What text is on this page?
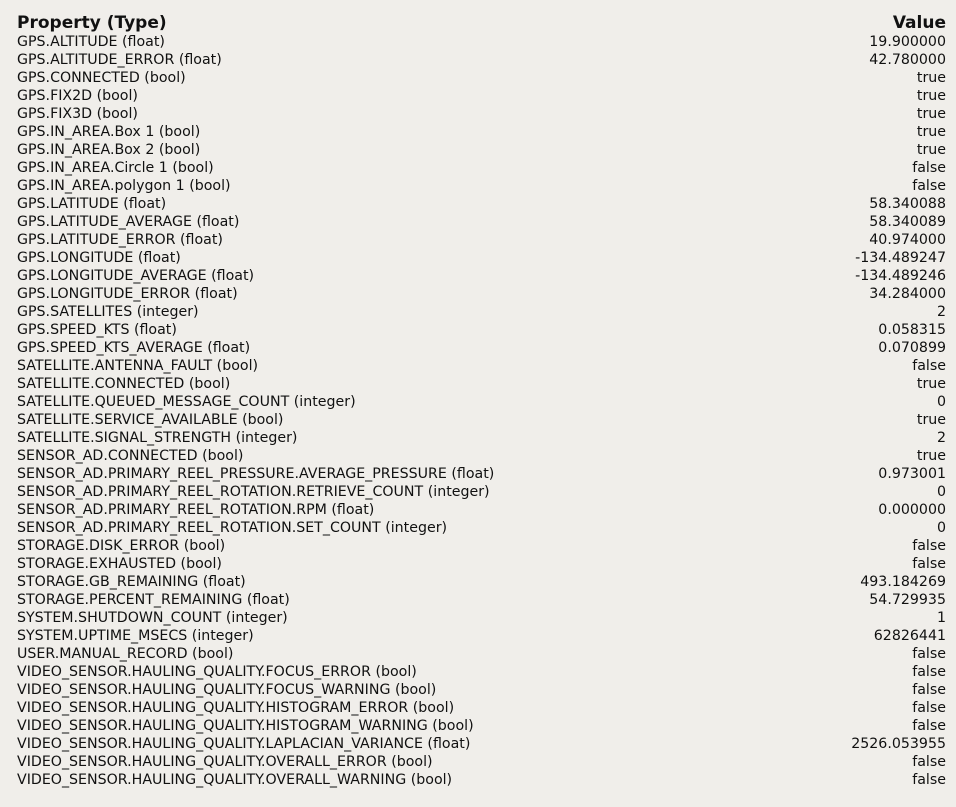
Property (Type)	Value
GPS.ALTITUDE (float)	19.900000
GPS.ALTITUDE_ERROR (float)	42.780000
GPS.CONNECTED (bool)	true
GPS.FIX2D (bool)	true
GPS.FIX3D (bool)	true
GPS.IN_AREA.Box 1 (bool)	true
GPS.IN_AREA.Box 2 (bool)	true
GPS.IN_AREA.Circle 1 (bool)	false
GPS.IN_AREA.polygon 1 (bool)	false
GPS.LATITUDE (float)	58.340088
GPS.LATITUDE_AVERAGE (float)	58.340089
GPS.LATITUDE_ERROR (float)	40.974000
GPS.LONGITUDE (float)	-134.489247
GPS.LONGITUDE_AVERAGE (float)	-134.489246
GPS.LONGITUDE_ERROR (float)	34.284000
GPS.SATELLITES (integer)	2
GPS.SPEED_KTS (float)	0.058315
GPS.SPEED_KTS_AVERAGE (float)	0.070899
SATELLITE.ANTENNA_FAULT (bool)	false
SATELLITE.CONNECTED (bool)	true
SATELLITE.QUEUED_MESSAGE_COUNT (integer)	0
SATELLITE.SERVICE_AVAILABLE (bool)	true
SATELLITE.SIGNAL_STRENGTH (integer)	2
SENSOR_AD.CONNECTED (bool)	true
SENSOR_AD.PRIMARY_REEL_PRESSURE.AVERAGE_PRESSURE (float)	0.973001
SENSOR_AD.PRIMARY_REEL_ROTATION.RETRIEVE_COUNT (integer)	0
SENSOR_AD.PRIMARY_REEL_ROTATION.RPM (float)	0.000000
SENSOR_AD.PRIMARY_REEL_ROTATION.SET_COUNT (integer)	0
STORAGE.DISK_ERROR (bool)	false
STORAGE.EXHAUSTED (bool)	false
STORAGE.GB_REMAINING (float)	493.184269
STORAGE.PERCENT_REMAINING (float)	54.729935
SYSTEM.SHUTDOWN_COUNT (integer)	1
SYSTEM.UPTIME_MSECS (integer)	62826441
USER.MANUAL_RECORD (bool)	false
VIDEO_SENSOR.HAULING_QUALITY.FOCUS_ERROR (bool)	false
VIDEO_SENSOR.HAULING_QUALITY.FOCUS_WARNING (bool)	false
VIDEO_SENSOR.HAULING_QUALITY.HISTOGRAM_ERROR (bool)	false
VIDEO_SENSOR.HAULING_QUALITY.HISTOGRAM_WARNING (bool)	false
VIDEO_SENSOR.HAULING_QUALITY.LAPLACIAN_VARIANCE (float)	2526.053955
VIDEO_SENSOR.HAULING_QUALITY.OVERALL_ERROR (bool)	false
VIDEO_SENSOR.HAULING_QUALITY.OVERALL_WARNING (bool)	false
